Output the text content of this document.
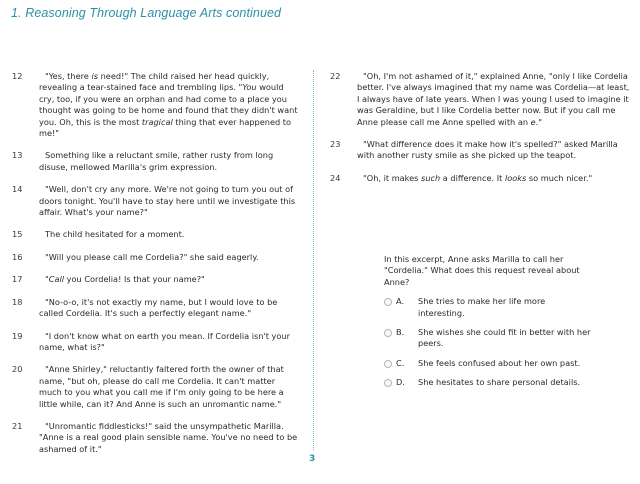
1. Reasoning Through Language Arts continued
12	"Yes, there is need!" The child raised her head quickly, revealing a tear-stained face and trembling lips. "You would cry, too, if you were an orphan and had come to a place you thought was going to be home and found that they didn't want you. Oh, this is the most tragical thing that ever happened to me!"
13	Something like a reluctant smile, rather rusty from long disuse, mellowed Marilla's grim expression.
14	"Well, don't cry any more. We're not going to turn you out of doors tonight. You'll have to stay here until we investigate this affair. What's your name?"
15	The child hesitated for a moment.
16	"Will you please call me Cordelia?" she said eagerly.
17	"Call you Cordelia! Is that your name?"
18	"No-o-o, it's not exactly my name, but I would love to be called Cordelia. It's such a perfectly elegant name."
19	"I don't know what on earth you mean. If Cordelia isn't your name, what is?"
20	"Anne Shirley," reluctantly faltered forth the owner of that name, "but oh, please do call me Cordelia. It can't matter much to you what you call me if I'm only going to be here a little while, can it? And Anne is such an unromantic name."
21	"Unromantic fiddlesticks!" said the unsympathetic Marilla. "Anne is a real good plain sensible name. You've no need to be ashamed of it."
22	"Oh, I'm not ashamed of it," explained Anne, "only I like Cordelia better. I've always imagined that my name was Cordelia—at least, I always have of late years. When I was young I used to imagine it was Geraldine, but I like Cordelia better now. But if you call me Anne please call me Anne spelled with an e."
23	"What difference does it make how it's spelled?" asked Marilla with another rusty smile as she picked up the teapot.
24	"Oh, it makes such a difference. It looks so much nicer."
In this excerpt, Anne asks Marilla to call her "Cordelia." What does this request reveal about Anne?
A.	She tries to make her life more interesting.
B.	She wishes she could fit in better with her peers.
C.	She feels confused about her own past.
D.	She hesitates to share personal details.
3
